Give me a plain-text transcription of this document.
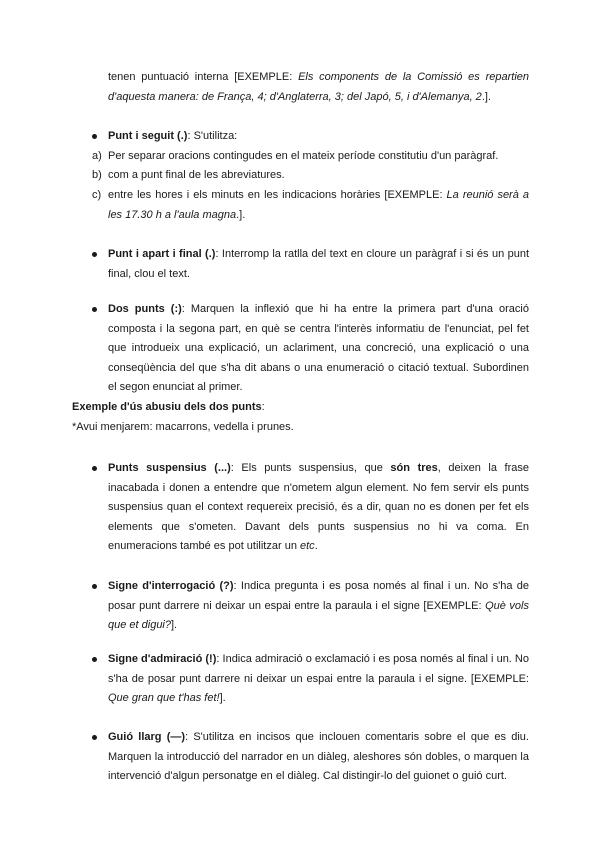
tenen puntuació interna [EXEMPLE: Els components de la Comissió es repartien d'aquesta manera: de França, 4; d'Anglaterra, 3; del Japó, 5, i d'Alemanya, 2.].

Punt i seguit (.): S'utilitza:

a) Per separar oracions contingudes en el mateix període constitutiu d'un paràgraf.

b) com a punt final de les abreviatures.

c) entre les hores i els minuts en les indicacions horàries [EXEMPLE: La reunió serà a les 17.30 h a l'aula magna.].

Punt i apart i final (.): Interromp la ratlla del text en cloure un paràgraf i si és un punt final, clou el text.

Dos punts (:): Marquen la inflexió que hi ha entre la primera part d'una oració composta i la segona part, en què se centra l'interès informatiu de l'enunciat, pel fet que introdueix una explicació, un aclariment, una concreció, una explicació o una conseqüència del que s'ha dit abans o una enumeració o citació textual. Subordinen el segon enunciat al primer.

Exemple d'ús abusiu dels dos punts:

*Avui menjarem: macarrons, vedella i prunes.

Punts suspensius (...): Els punts suspensius, que són tres, deixen la frase inacabada i donen a entendre que n'ometem algun element. No fem servir els punts suspensius quan el context requereix precisió, és a dir, quan no es donen per fet els elements que s'ometen. Davant dels punts suspensius no hi va coma. En enumeracions també es pot utilitzar un etc.

Signe d'interrogació (?): Indica pregunta i es posa només al final i un. No s'ha de posar punt darrere ni deixar un espai entre la paraula i el signe [EXEMPLE: Què vols que et digui?].

Signe d'admiració (!): Indica admiració o exclamació i es posa només al final i un. No s'ha de posar punt darrere ni deixar un espai entre la paraula i el signe. [EXEMPLE: Que gran que t'has fet!].

Guió llarg (—): S'utilitza en incisos que inclouen comentaris sobre el que es diu. Marquen la introducció del narrador en un diàleg, aleshores són dobles, o marquen la intervenció d'algun personatge en el diàleg. Cal distingir-lo del guionet o guió curt.
